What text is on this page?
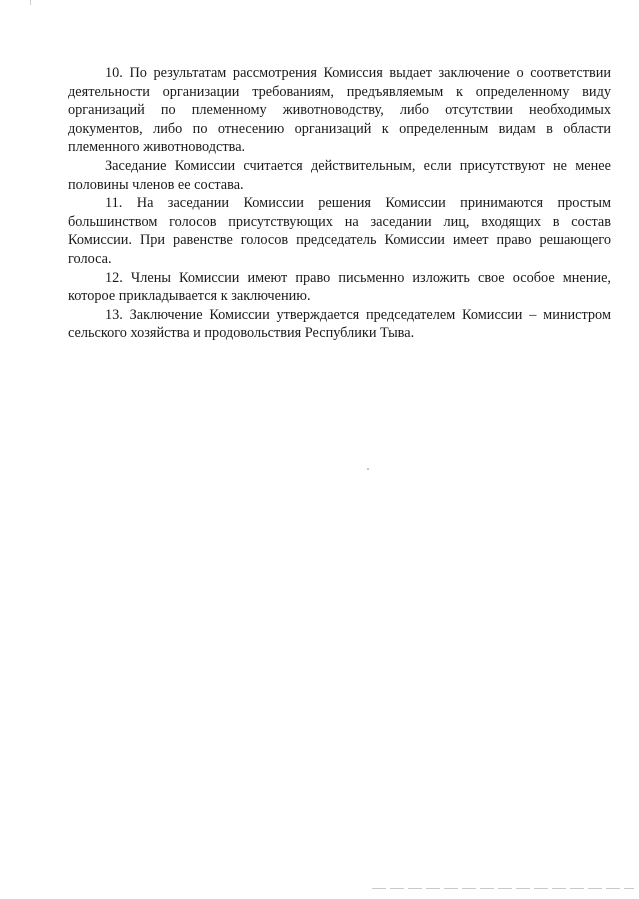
10. По результатам рассмотрения Комиссия выдает заключение о соответствии деятельности организации требованиям, предъявляемым к определенному виду организаций по племенному животноводству, либо отсутствии необходимых документов, либо по отнесению организаций к определенным видам в области племенного животноводства.

Заседание Комиссии считается действительным, если присутствуют не менее половины членов ее состава.

11. На заседании Комиссии решения Комиссии принимаются простым большинством голосов присутствующих на заседании лиц, входящих в состав Комиссии. При равенстве голосов председатель Комиссии имеет право решающего голоса.

12. Члены Комиссии имеют право письменно изложить свое особое мнение, которое прикладывается к заключению.

13. Заключение Комиссии утверждается председателем Комиссии – министром сельского хозяйства и продовольствия Республики Тыва.
